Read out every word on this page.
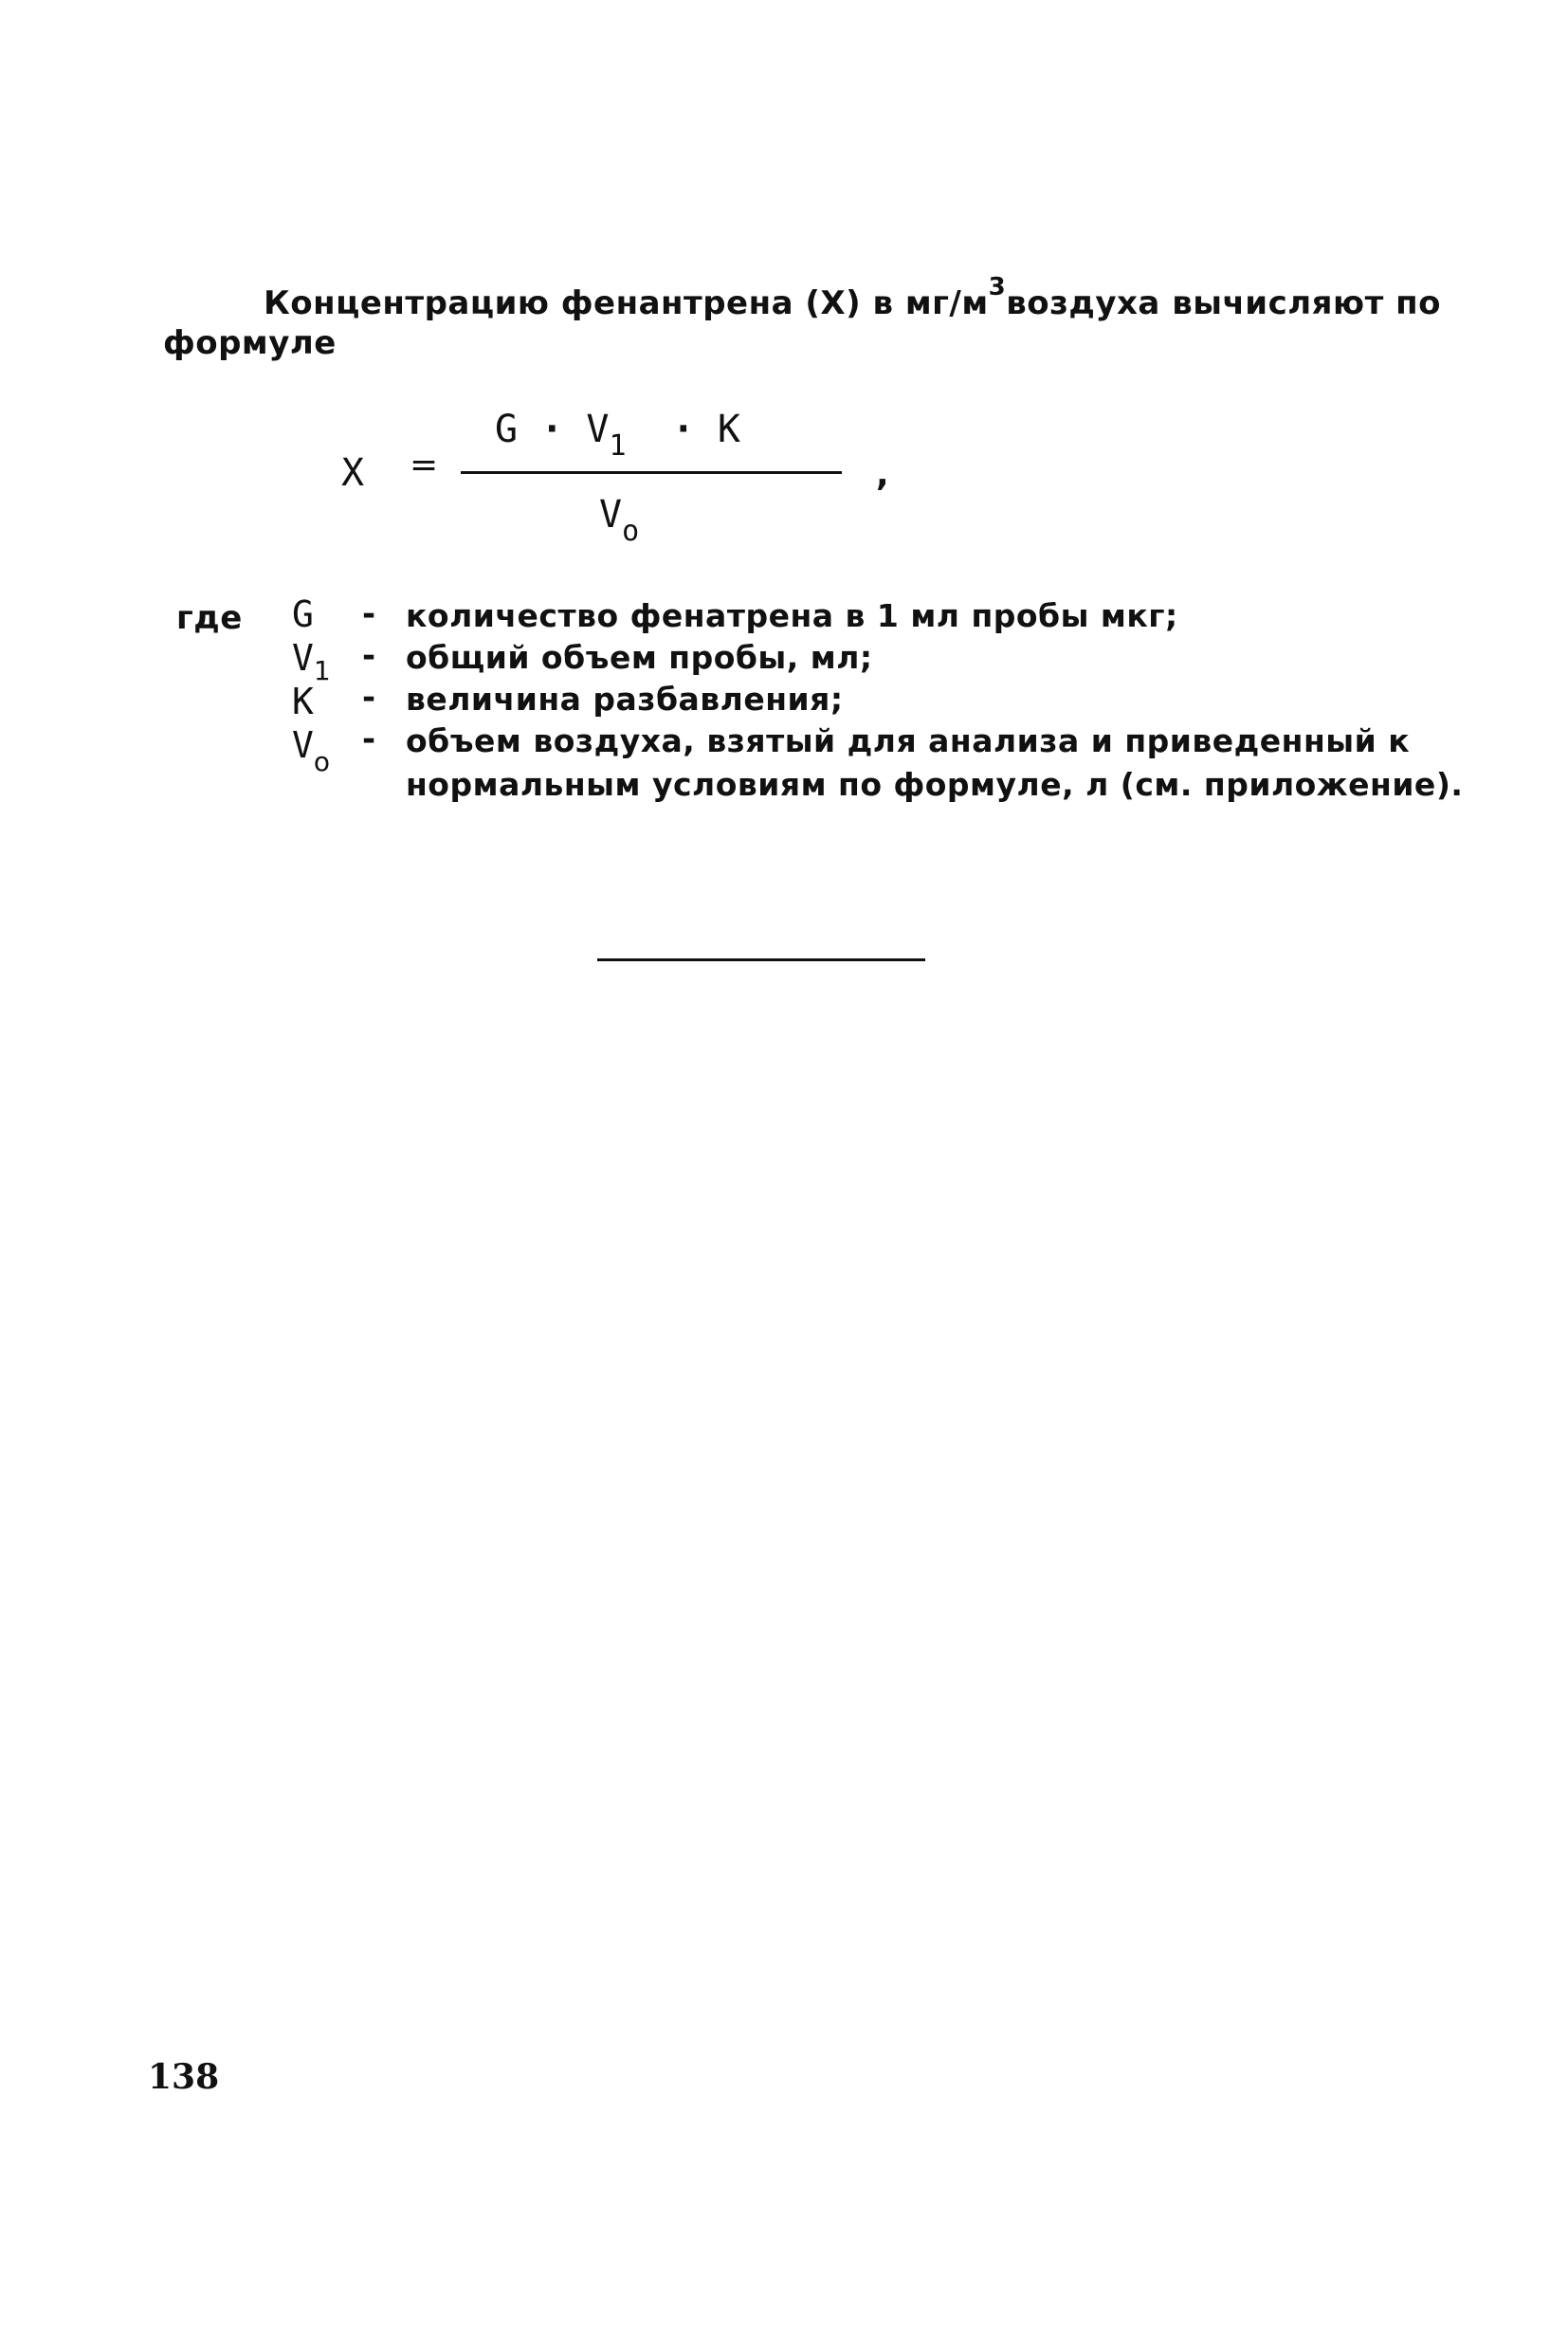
Концентрацию фенантрена (X) в $мг/м^3воздуха$ вычисляют по
формуле
X =
$G \cdot V_1 \cdot K$
$V_o$
,
где G - количество фенатрена в 1 мл пробы мкг;
V1 - общий объем пробы, мл;
K - величина разбавления;
Vo
- объем воздуха, взятый для анализа и приведенный к
нормальным условиям по формуле, л (см. приложение).
138
